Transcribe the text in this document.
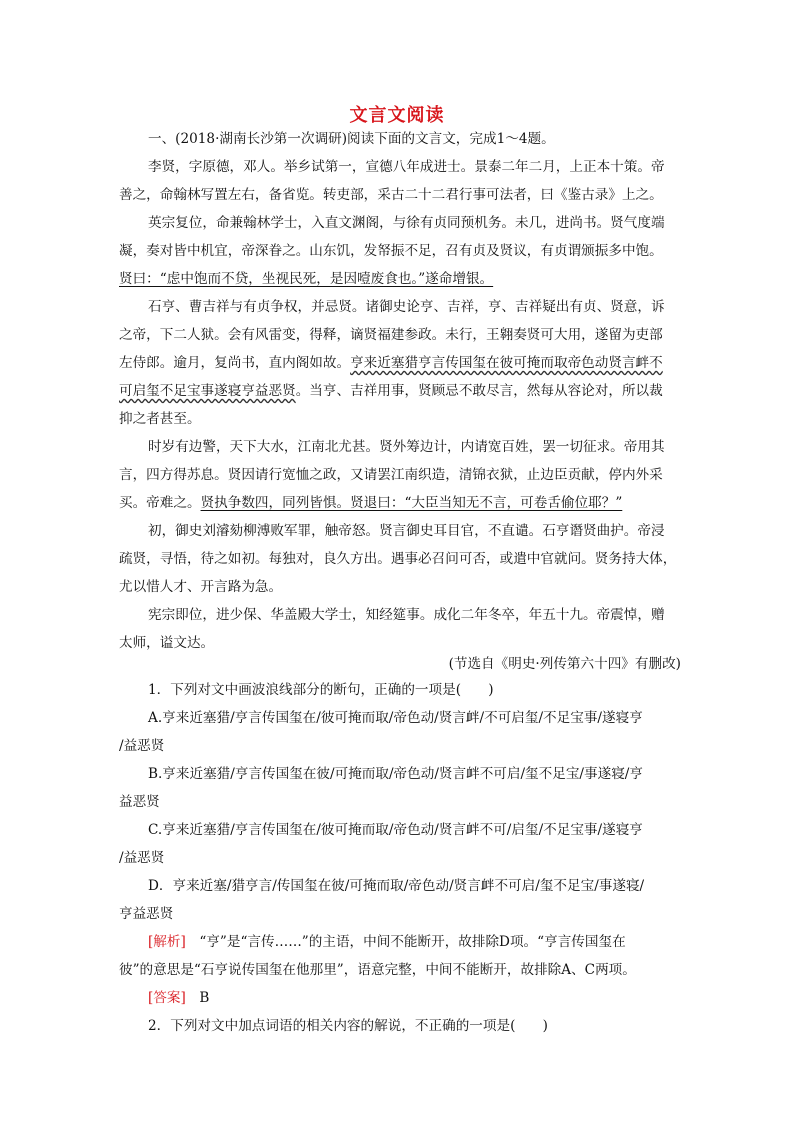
文言文阅读
一、(2018·湖南长沙第一次调研)阅读下面的文言文，完成1～4题。
李贤，字原德，邓人。举乡试第一，宣德八年成进士。景泰二年二月，上正本十策。帝
善之，命翰林写置左右，备省览。转吏部，采古二十二君行事可法者，曰《鉴古录》上之。
英宗复位，命兼翰林学士，入直文渊阁，与徐有贞同预机务。未几，进尚书。贤气度端
凝，奏对皆中机宜，帝深眷之。山东饥，发帑振不足，召有贞及贤议，有贞谓颁振多中饱。
贤曰：“虑中饱而不贷，坐视民死，是因噎废食也。”遂命增银。
石亨、曹吉祥与有贞争权，并忌贤。诸御史论亨、吉祥，亨、吉祥疑出有贞、贤意，诉
之帝，下二人狱。会有风雷变，得释，谪贤福建参政。未行，王翱奏贤可大用，遂留为吏部
左侍郎。逾月，复尚书，直内阁如故。亨来近塞猎亨言传国玺在彼可掩而取帝色动贤言衅不
可启玺不足宝事遂寝亨益恶贤。当亨、吉祥用事，贤顾忌不敢尽言，然每从容论对，所以裁
抑之者甚至。
时岁有边警，天下大水，江南北尤甚。贤外筹边计，内请宽百姓，罢一切征求。帝用其
言，四方得苏息。贤因请行宽恤之政，又请罢江南织造，清锦衣狱，止边臣贡献，停内外采
买。帝难之。贤执争数四，同列皆惧。贤退曰：“大臣当知无不言，可卷舌偷位耶？”
初，御史刘濬劾柳溥败军罪，触帝怒。贤言御史耳目官，不直谴。石亨谮贤曲护。帝浸
疏贤，寻悟，待之如初。每独对，良久方出。遇事必召问可否，或遣中官就问。贤务持大体，
尤以惜人才、开言路为急。
宪宗即位，进少保、华盖殿大学士，知经筵事。成化二年冬卒，年五十九。帝震悼，赠
太师，谥文达。
(节选自《明史·列传第六十四》有删改)
1．下列对文中画波浪线部分的断句，正确的一项是(　　)
A.亨来近塞猎/亨言传国玺在/彼可掩而取/帝色动/贤言衅/不可启玺/不足宝事/遂寝亨
/益恶贤
B.亨来近塞猎/亨言传国玺在彼/可掩而取/帝色动/贤言衅不可启/玺不足宝/事遂寝/亨
益恶贤
C.亨来近塞猎/亨言传国玺在/彼可掩而取/帝色动/贤言衅不可/启玺/不足宝事/遂寝亨
/益恶贤
D．亨来近塞/猎亨言/传国玺在彼/可掩而取/帝色动/贤言衅不可启/玺不足宝/事遂寝/
亨益恶贤
[解析]　 “亨”是“言传……”的主语，中间不能断开，故排除D项。“亨言传国玺在
彼”的意思是“石亨说传国玺在他那里”，语意完整，中间不能断开，故排除A、C两项。
[答案]　 B
2．下列对文中加点词语的相关内容的解说，不正确的一项是(　　)
